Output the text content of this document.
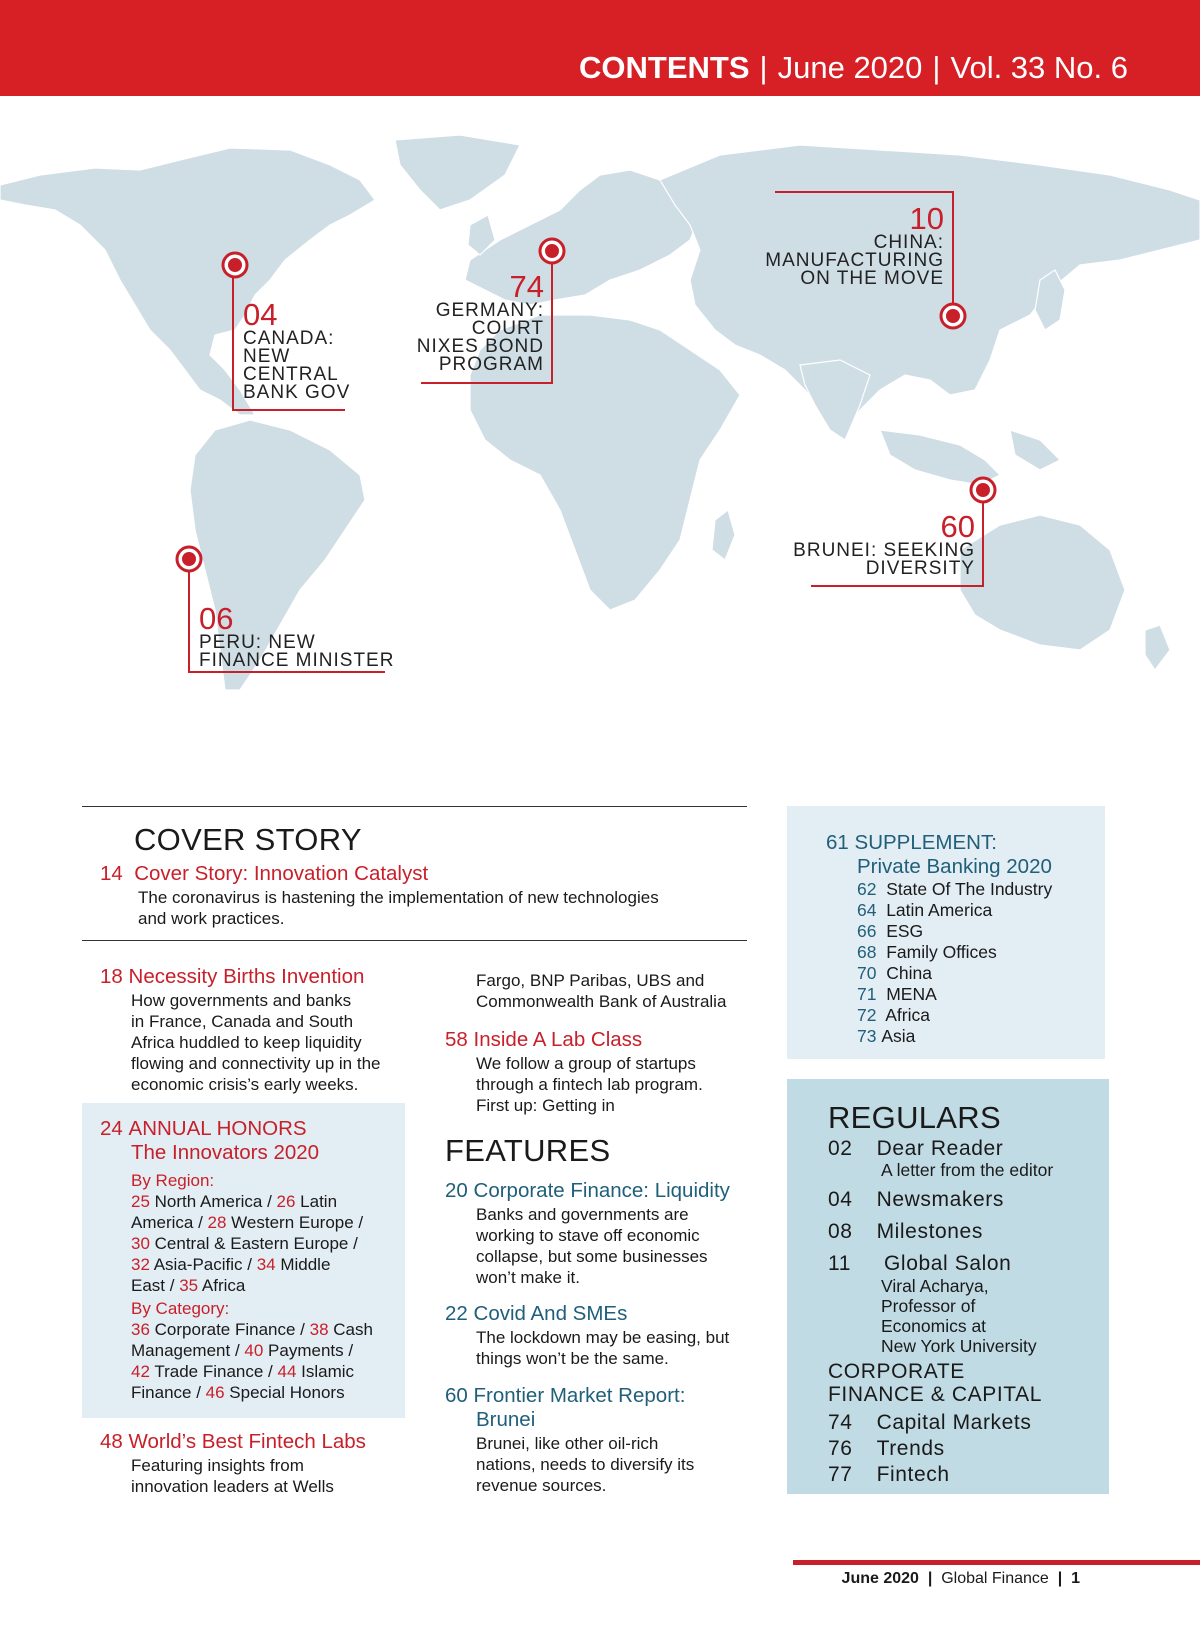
CONTENTS | June 2020 | Vol. 33 No. 6
04
CANADA:
NEW
CENTRAL
BANK GOV
74
GERMANY:
COURT
NIXES BOND
PROGRAM
10
CHINA:
MANUFACTURING
ON THE MOVE
60
BRUNEI: SEEKING
DIVERSITY
06
PERU: NEW
FINANCE MINISTER
COVER STORY
14 Cover Story: Innovation Catalyst
The coronavirus is hastening the implementation of new technologies
and work practices.
18 Necessity Births Invention
How governments and banks
in France, Canada and South
Africa huddled to keep liquidity
flowing and connectivity up in the
economic crisis’s early weeks.
24 ANNUAL HONORS
The Innovators 2020
By Region:
25 North America / 26 Latin
America / 28 Western Europe /
30 Central & Eastern Europe /
32 Asia-Pacific / 34 Middle
East / 35 Africa
By Category:
36 Corporate Finance / 38 Cash
Management / 40 Payments /
42 Trade Finance / 44 Islamic
Finance / 46 Special Honors
48 World’s Best Fintech Labs
Featuring insights from
innovation leaders at Wells
Fargo, BNP Paribas, UBS and
Commonwealth Bank of Australia
58 Inside A Lab Class
We follow a group of startups
through a fintech lab program.
First up: Getting in
FEATURES
20 Corporate Finance: Liquidity
Banks and governments are
working to stave off economic
collapse, but some businesses
won’t make it.
22 Covid And SMEs
The lockdown may be easing, but
things won’t be the same.
60 Frontier Market Report:
Brunei
Brunei, like other oil-rich
nations, needs to diversify its
revenue sources.
61 SUPPLEMENT:
Private Banking 2020
62 State Of The Industry
64 Latin America
66 ESG
68 Family Offices
70 China
71 MENA
72 Africa
73 Asia
REGULARS
02 Dear Reader
A letter from the editor
04 Newsmakers
08 Milestones
11 Global Salon
Viral Acharya,
Professor of
Economics at
New York University
CORPORATE
FINANCE & CAPITAL
74 Capital Markets
76 Trends
77 Fintech
June 2020 | Global Finance | 1
